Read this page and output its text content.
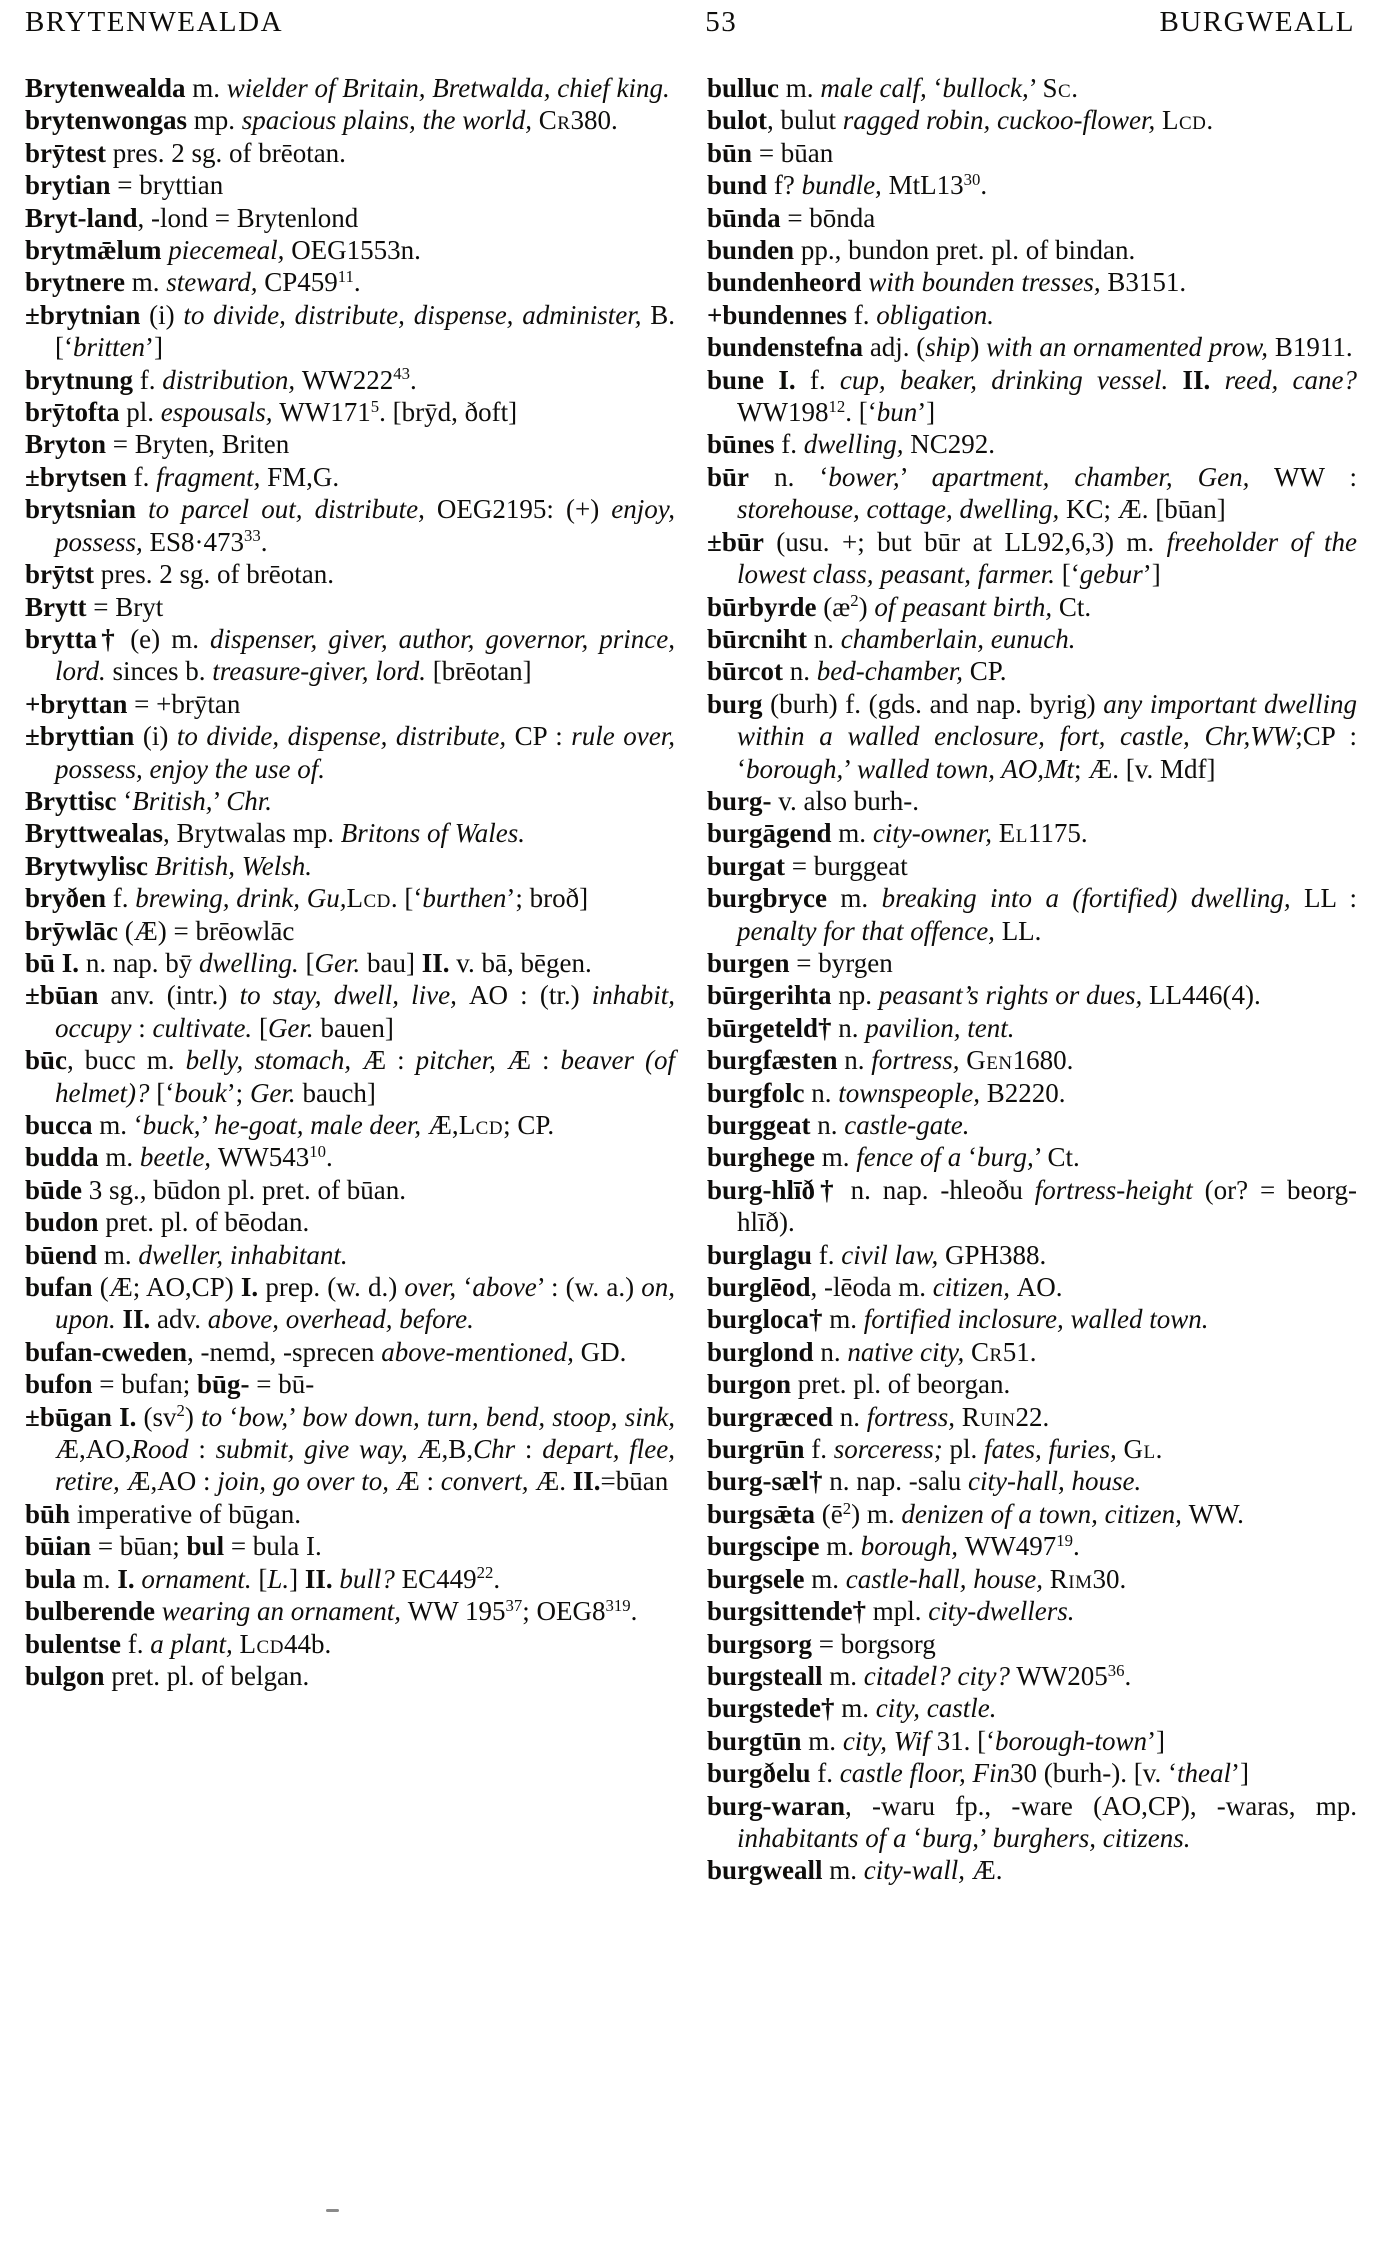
BRYTENWEALDA	53	BURGWEALL

Brytenwealda m. wielder of Britain, Bretwalda, chief king.

brytenwongas mp. spacious plains, the world, Cr380.

brȳtest pres. 2 sg. of brēotan.

brytian = bryttian

Bryt-land, -lond = Brytenlond

brytmǣlum piecemeal, OEG1553n.

brytnere m. steward, $CP459^{11}$.

±brytnian (i) to divide, distribute, dispense, administer, B. [‘britten’]

brytnung f. distribution, $WW222^{43}$.

brȳtofta pl. espousals, $WW171^5$. [brȳd, ðoft]

Bryton = Bryten, Briten

±brytsen f. fragment, FM,G.

brytsnian to parcel out, distribute, OEG2195: (+) enjoy, possess, $ES8\cdot 473^{33}$.

brȳtst pres. 2 sg. of brēotan.

Brytt = Bryt

brytta† (e) m. dispenser, giver, author, governor, prince, lord. sinces b. treasure-giver, lord. [brēotan]

+bryttan = +brȳtan

±bryttian (i) to divide, dispense, distribute, CP : rule over, possess, enjoy the use of.

Bryttisc ‘British,’ Chr.

Bryttwealas, Brytwalas mp. Britons of Wales.

Brytwylisc British, Welsh.

bryðen f. brewing, drink, Gu,Lcd. [‘burthen’; broð]

brȳwlāc (Æ) = brēowlāc

bū I. n. nap. bȳ dwelling. [Ger. bau] II. v. bā, bēgen.

±būan anv. (intr.) to stay, dwell, live, AO : (tr.) inhabit, occupy : cultivate. [Ger. bauen]

būc, bucc m. belly, stomach, Æ : pitcher, Æ : beaver (of helmet)? [‘bouk’; Ger. bauch]

bucca m. ‘buck,’ he-goat, male deer, Æ,Lcd; CP.

budda m. beetle, $WW543^{10}$.

būde 3 sg., būdon pl. pret. of būan.

budon pret. pl. of bēodan.

būend m. dweller, inhabitant.

bufan (Æ; AO,CP) I. prep. (w. d.) over, ‘above’ : (w. a.) on, upon. II. adv. above, overhead, before.

bufan-cweden, -nemd, -sprecen above-mentioned, GD.

bufon = bufan; būg- = bū-

±būgan I. $(sv^2)$ to ‘bow,’ bow down, turn, bend, stoop, sink, Æ,AO,Rood : submit, give way, Æ,B,Chr : depart, flee, retire, Æ,AO : join, go over to, Æ : convert, Æ. II.=būan

būh imperative of būgan.

būian = būan; bul = bula I.

bula m. I. ornament. [L.] II. bull? $EC449^{22}$.

bulberende wearing an ornament, WW $195^{37}$; $OEG8^{319}$.

bulentse f. a plant, Lcd44b.

bulgon pret. pl. of belgan.

bulluc m. male calf, ‘bullock,’ Sc.

bulot, bulut ragged robin, cuckoo-flower, Lcd.

būn = būan

bund f? bundle, $MtL13^{30}$.

būnda = bōnda

bunden pp., bundon pret. pl. of bindan.

bundenheord with bounden tresses, B3151.

+bundennes f. obligation.

bundenstefna adj. (ship) with an ornamented prow, B1911.

bune I. f. cup, beaker, drinking vessel. II. reed, cane? $WW198^{12}$. [‘bun’]

būnes f. dwelling, NC292.

būr n. ‘bower,’ apartment, chamber, Gen, WW : storehouse, cottage, dwelling, KC; Æ. [būan]

±būr (usu. +; but būr at LL92,6,3) m. freeholder of the lowest class, peasant, farmer. [‘gebur’]

būrbyrde $(æ^2)$ of peasant birth, Ct.

būrcniht n. chamberlain, eunuch.

būrcot n. bed-chamber, CP.

burg (burh) f. (gds. and nap. byrig) any important dwelling within a walled enclosure, fort, castle, Chr,WW;CP : ‘borough,’ walled town, AO,Mt; Æ. [v. Mdf]

burg- v. also burh-.

burgāgend m. city-owner, El1175.

burgat = burggeat

burgbryce m. breaking into a (fortified) dwelling, LL : penalty for that offence, LL.

burgen = byrgen

būrgerihta np. peasant’s rights or dues, LL446(4).

būrgeteld† n. pavilion, tent.

burgfæsten n. fortress, Gen1680.

burgfolc n. townspeople, B2220.

burggeat n. castle-gate.

burghege m. fence of a ‘burg,’ Ct.

burg-hlīð† n. nap. -hleoðu fortress-height (or? = beorg-hlīð).

burglagu f. civil law, GPH388.

burglēod, -lēoda m. citizen, AO.

burgloca† m. fortified inclosure, walled town.

burglond n. native city, Cr51.

burgon pret. pl. of beorgan.

burgræced n. fortress, Ruin22.

burgrūn f. sorceress; pl. fates, furies, Gl.

burg-sæl† n. nap. -salu city-hall, house.

burgsǣta $(ē^2)$ m. denizen of a town, citizen, WW.

burgscipe m. borough, $WW497^{19}$.

burgsele m. castle-hall, house, Rim30.

burgsittende† mpl. city-dwellers.

burgsorg = borgsorg

burgsteall m. citadel? city? $WW205^{36}$.

burgstede† m. city, castle.

burgtūn m. city, Wif 31. [‘borough-town’]

burgðelu f. castle floor, Fin30 (burh-). [v. ‘theal’]

burg-waran, -waru fp., -ware (AO,CP), -waras, mp. inhabitants of a ‘burg,’ burghers, citizens.

burgweall m. city-wall, Æ.
